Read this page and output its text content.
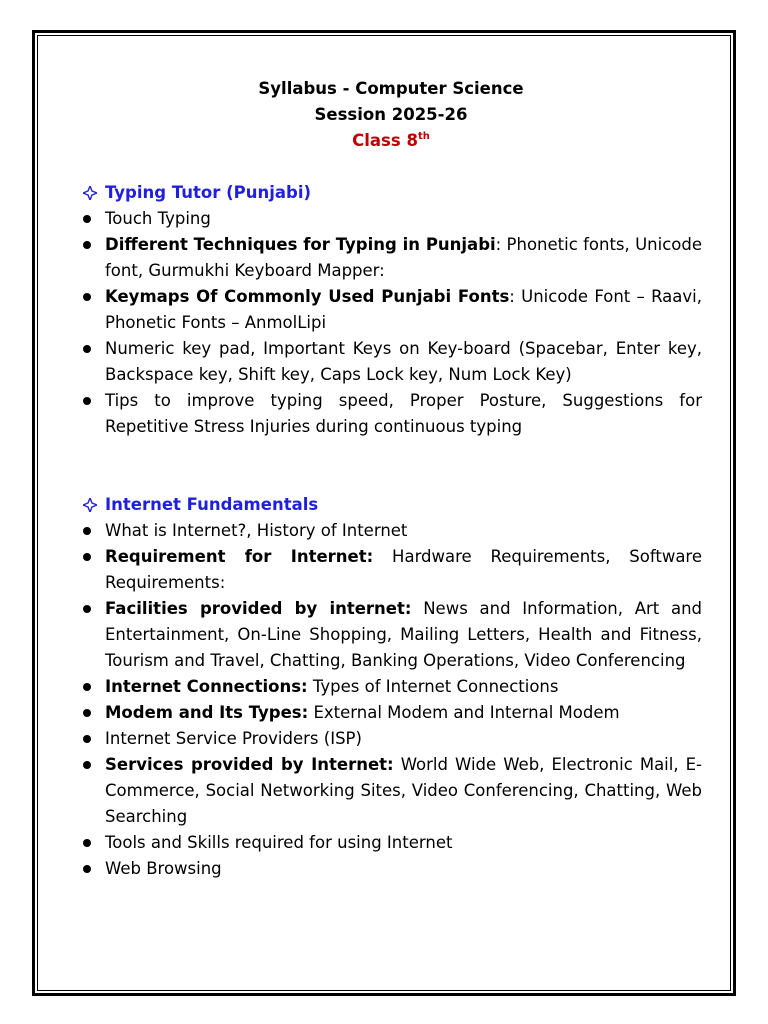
Syllabus - Computer Science
Session 2025-26
Class 8th
Typing Tutor (Punjabi)
Touch Typing
Different Techniques for Typing in Punjabi: Phonetic fonts, Unicode font, Gurmukhi Keyboard Mapper:
Keymaps Of Commonly Used Punjabi Fonts: Unicode Font – Raavi, Phonetic Fonts – AnmolLipi
Numeric key pad, Important Keys on Key-board (Spacebar, Enter key, Backspace key, Shift key, Caps Lock key, Num Lock Key)
Tips to improve typing speed, Proper Posture, Suggestions for Repetitive Stress Injuries during continuous typing
Internet Fundamentals
What is Internet?, History of Internet
Requirement for Internet: Hardware Requirements, Software Requirements:
Facilities provided by internet: News and Information, Art and Entertainment, On-Line Shopping, Mailing Letters, Health and Fitness, Tourism and Travel, Chatting, Banking Operations, Video Conferencing
Internet Connections: Types of Internet Connections
Modem and Its Types: External Modem and Internal Modem
Internet Service Providers (ISP)
Services provided by Internet: World Wide Web, Electronic Mail, E-Commerce, Social Networking Sites, Video Conferencing, Chatting, Web Searching
Tools and Skills required for using Internet
Web Browsing
